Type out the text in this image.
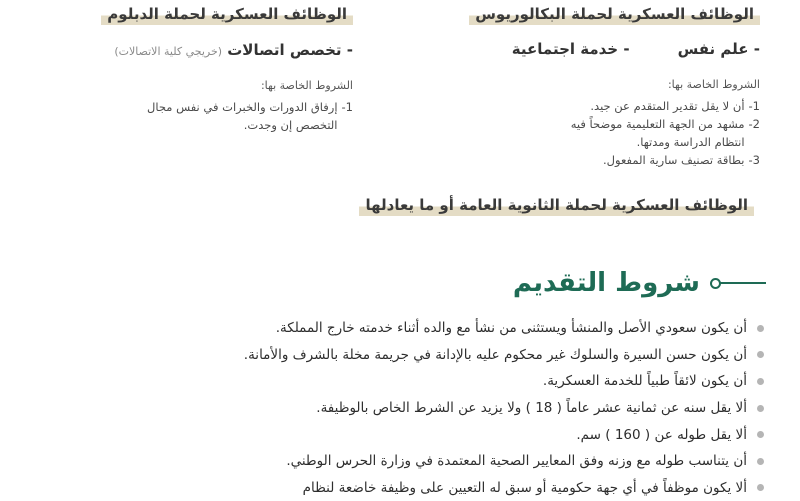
الوظائف العسكرية لحملة البكالوريوس
- علم نفس
- خدمة اجتماعية

الشروط الخاصة بها:

1-
أن لا يقل تقدير المتقدم عن جيد.
2-
مشهد من الجهة التعليمية موضحاً فيه انتظام الدراسة ومدتها.
3-
بطاقة تصنيف سارية المفعول.
الوظائف العسكرية لحملة الدبلوم
- تخصص اتصالات (خريجي كلية الاتصالات)

الشروط الخاصة بها:

1-
إرفاق الدورات والخبرات في نفس مجال التخصص إن وجدت.
الوظائف العسكرية لحملة الثانوية العامة أو ما يعادلها
شروط التقديم
أن يكون سعودي الأصل والمنشأ ويستثنى من نشأ مع والده أثناء خدمته خارج المملكة.
أن يكون حسن السيرة والسلوك غير محكوم عليه بالإدانة في جريمة مخلة بالشرف والأمانة.
أن يكون لائقاً طبياً للخدمة العسكرية.
ألا يقل سنه عن ثمانية عشر عاماً ( 18 ) ولا يزيد عن الشرط الخاص بالوظيفة.
ألا يقل طوله عن ( 160 ) سم.
أن يتناسب طوله مع وزنه وفق المعايير الصحية المعتمدة في وزارة الحرس الوطني.
ألا يكون موظفاً في أي جهة حكومية أو سبق له التعيين على وظيفة خاضعة لنظام
